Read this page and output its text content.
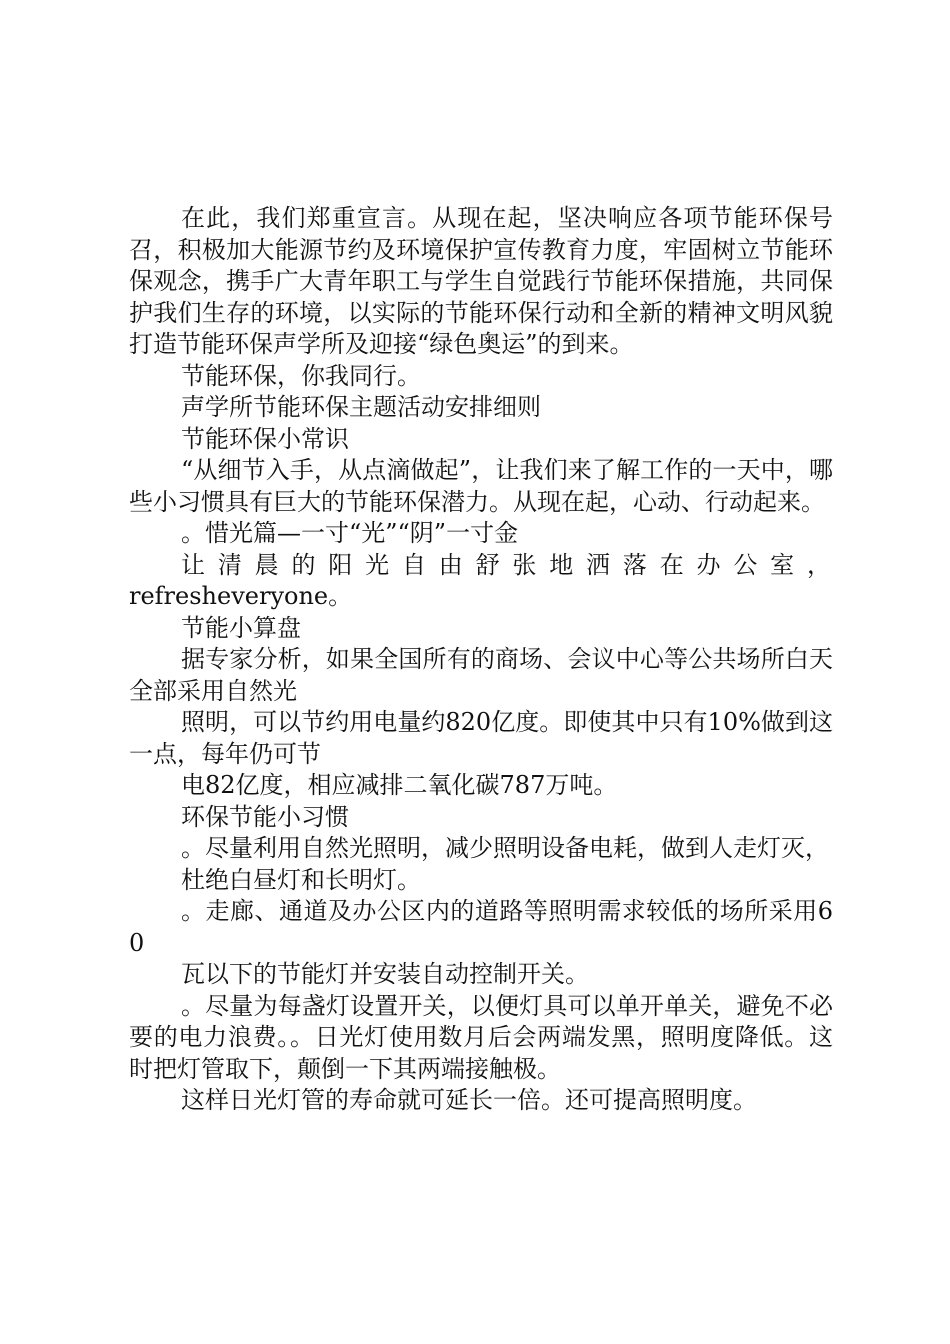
在此，我们郑重宣言。从现在起，坚决响应各项节能环保号召，积极加大能源节约及环境保护宣传教育力度，牢固树立节能环保观念，携手广大青年职工与学生自觉践行节能环保措施，共同保护我们生存的环境，以实际的节能环保行动和全新的精神文明风貌打造节能环保声学所及迎接“绿色奥运”的到来。

节能环保，你我同行。

声学所节能环保主题活动安排细则

节能环保小常识

“从细节入手，从点滴做起”，让我们来了解工作的一天中，哪些小习惯具有巨大的节能环保潜力。从现在起，心动、行动起来。

。惜光篇—一寸“光”“阴”一寸金

让清晨的阳光自由舒张地洒落在办公室，

refresheveryone。

节能小算盘

据专家分析，如果全国所有的商场、会议中心等公共场所白天全部采用自然光

照明，可以节约用电量约820亿度。即使其中只有10%做到这一点，每年仍可节

电82亿度，相应减排二氧化碳787万吨。

环保节能小习惯

。尽量利用自然光照明，减少照明设备电耗，做到人走灯灭，

杜绝白昼灯和长明灯。

。走廊、通道及办公区内的道路等照明需求较低的场所采用60

瓦以下的节能灯并安装自动控制开关。

。尽量为每盏灯设置开关，以便灯具可以单开单关，避免不必要的电力浪费。。日光灯使用数月后会两端发黑，照明度降低。这时把灯管取下，颠倒一下其两端接触极。

这样日光灯管的寿命就可延长一倍。还可提高照明度。
